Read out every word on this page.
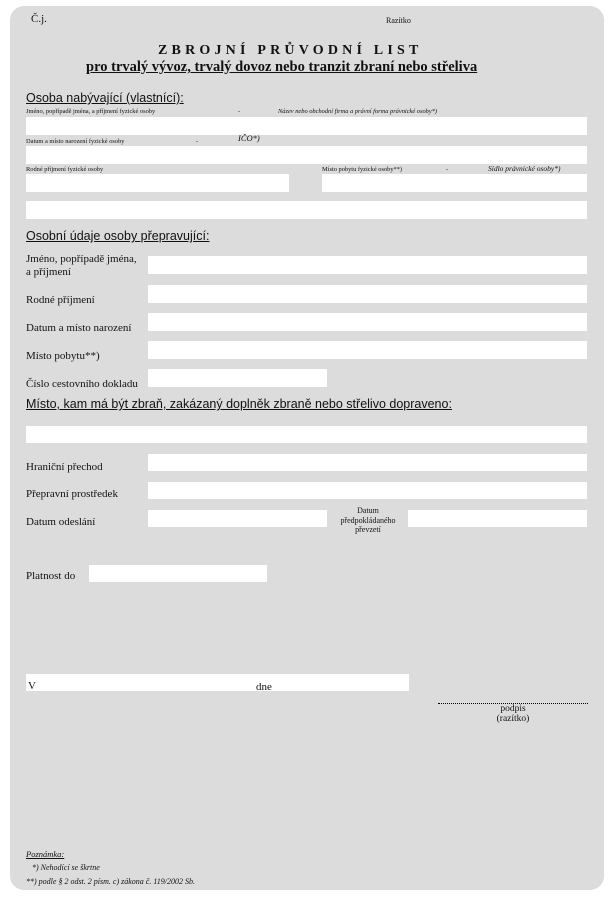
Č.j.	Razítko
ZBROJNÍ PRŮVODNÍ LIST
pro trvalý vývoz, trvalý dovoz nebo tranzit zbraní nebo střeliva
Osoba nabývající (vlastnící):
Jméno, popřípadě jména, a příjmení fyzické osoby	-	Název nebo obchodní firma a právní forma právnické osoby*)
Datum a místo narození fyzické osoby	-	IČO*)
Rodné příjmení fyzické osoby	Místo pobytu fyzické osoby**)	-	Sídlo právnické osoby*)
Osobní údaje osoby přepravující:
Jméno, popřípadě jména,
a příjmení
Rodné příjmení
Datum a místo narození
Místo pobytu**)
Číslo cestovního dokladu
Místo, kam má být zbraň, zakázaný doplněk zbraně nebo střelivo dopraveno:
Hraniční přechod
Přepravní prostředek
Datum odeslání
Datum
předpokládaného
převzetí
Platnost do
V	dne
podpis
(razítko)
Poznámka:
*) Nehodící se škrtne
**) podle § 2 odst. 2 písm. c) zákona č. 119/2002 Sb.
